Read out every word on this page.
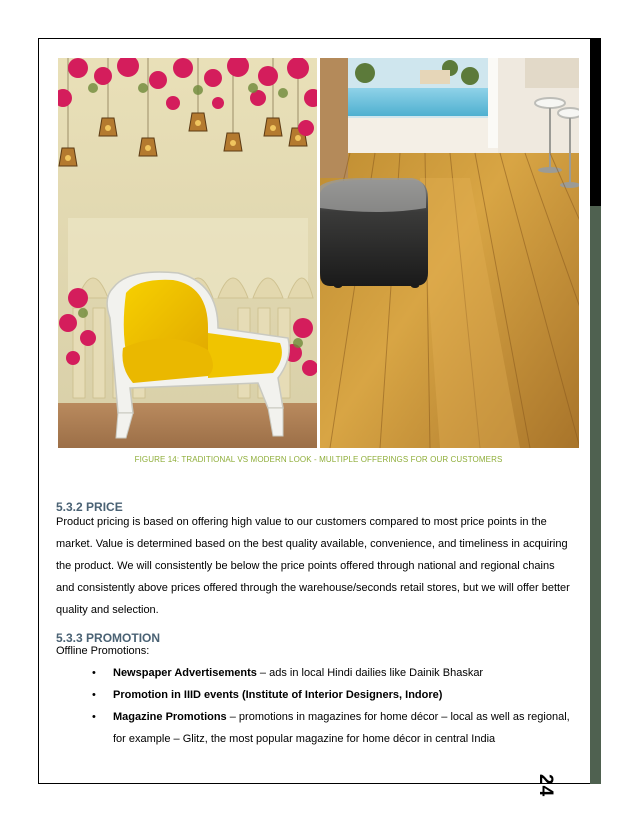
FIGURE 14: TRADITIONAL VS MODERN LOOK - MULTIPLE OFFERINGS FOR OUR CUSTOMERS
5.3.2 PRICE
Product pricing is based on offering high value to our customers compared to most price points in the
market. Value is determined based on the best quality available, convenience, and timeliness in acquiring
the product. We will consistently be below the price points offered through national and regional chains
and consistently above prices offered through the warehouse/seconds retail stores, but we will offer better
quality and selection.
5.3.3 PROMOTION
Offline Promotions:
• Newspaper Advertisements – ads in local Hindi dailies like Dainik Bhaskar
• Promotion in IIID events (Institute of Interior Designers, Indore)
• Magazine Promotions – promotions in magazines for home décor – local as well as regional,
for example – Glitz, the most popular magazine for home décor in central India
24
